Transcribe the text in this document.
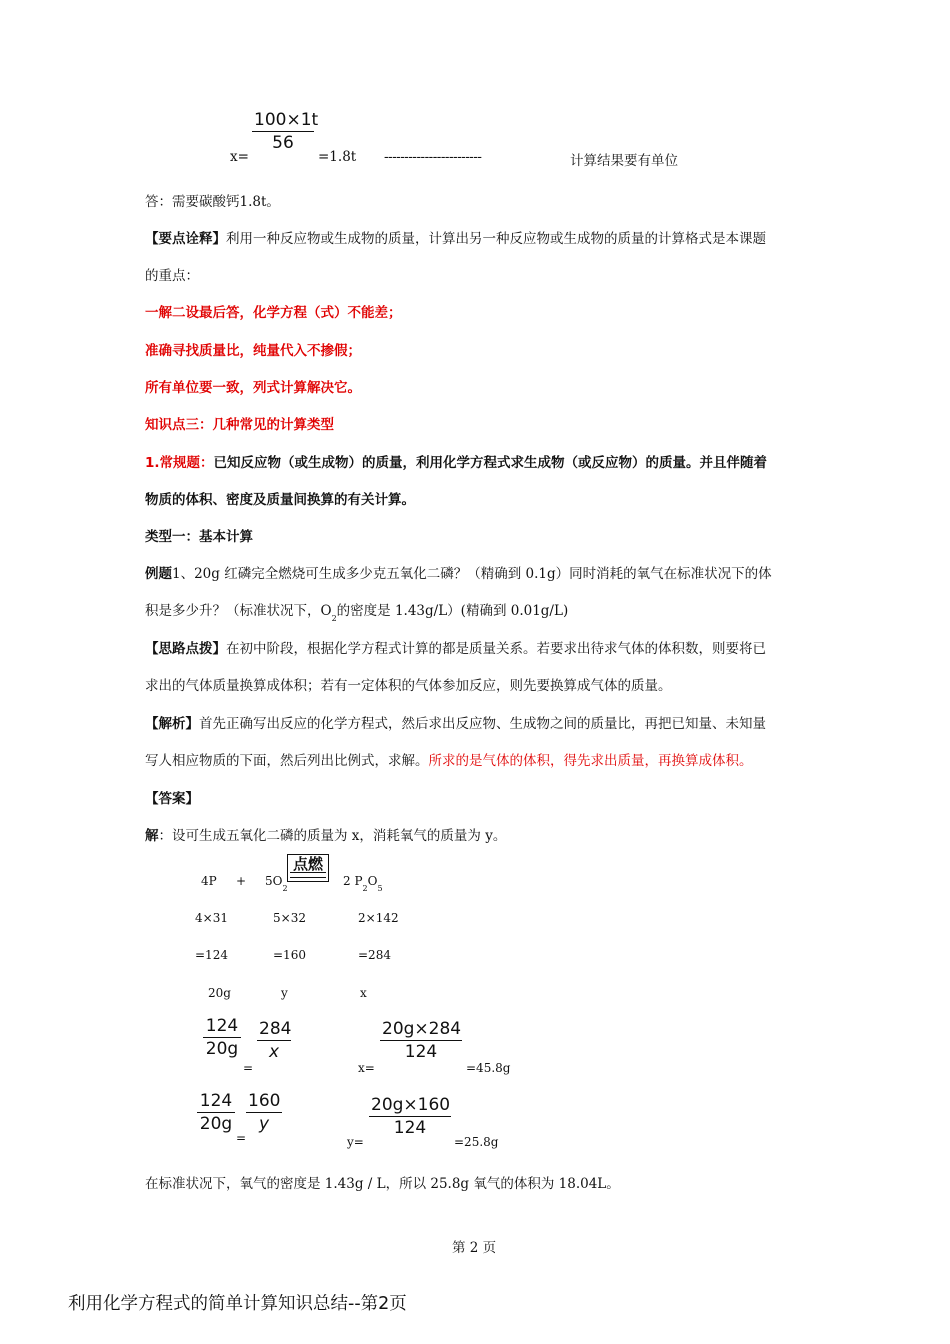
100×1t
56
x=	=1.8t ------------------------	计算结果要有单位
答：需要碳酸钙1.8t。
【要点诠释】利用一种反应物或生成物的质量，计算出另一种反应物或生成物的质量的计算格式是本课题
的重点：
一解二设最后答，化学方程（式）不能差；
准确寻找质量比，纯量代入不掺假；
所有单位要一致，列式计算解决它。
知识点三：几种常见的计算类型
1.常规题：已知反应物（或生成物）的质量，利用化学方程式求生成物（或反应物）的质量。并且伴随着
物质的体积、密度及质量间换算的有关计算。
类型一：基本计算
例题1、20g 红磷完全燃烧可生成多少克五氧化二磷？（精确到 0.1g）同时消耗的氧气在标准状况下的体
积是多少升？（标准状况下，$O_2$的密度是 1.43g/L）(精确到 0.01g/L)
【思路点拨】在初中阶段，根据化学方程式计算的都是质量关系。若要求出待求气体的体积数，则要将已
求出的气体质量换算成体积；若有一定体积的气体参加反应，则先要换算成气体的质量。
【解析】首先正确写出反应的化学方程式，然后求出反应物、生成物之间的质量比，再把已知量、未知量
写人相应物质的下面，然后列出比例式，求解。所求的是气体的体积，得先求出质量，再换算成体积。
【答案】
解：设可生成五氧化二磷的质量为 x，消耗氧气的质量为 y。
$4P + 5O_2$
点燃
2 $P_2O_5$
4×31	5×32	2×142
=124	=160	=284
20g	y	x
124
20g
=
284
x
x=
20g×284
124
=45.8g
124
20g
=
160
y
y=
20g×160
124
=25.8g
在标准状况下，氧气的密度是 1.43g / L，所以 25.8g 氧气的体积为 18.04L。
第 2 页
利用化学方程式的简单计算知识总结--第2页
